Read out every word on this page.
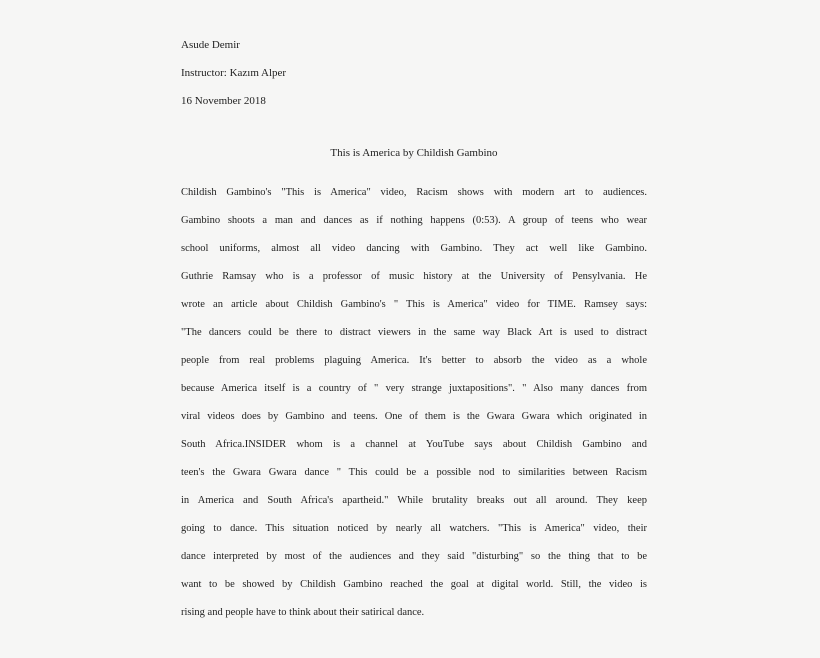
Asude Demir
Instructor: Kazım Alper
16 November 2018
This is America by Childish Gambino
Childish Gambino's "This is America" video, Racism shows with modern art to audiences.
Gambino shoots a man and dances as if nothing happens (0:53). A group of teens who wear
school uniforms, almost all video dancing with Gambino. They act well like Gambino.
Guthrie Ramsay who is a professor of music history at the University of Pensylvania. He
wrote an article about Childish Gambino's " This is America" video for TIME. Ramsey says:
"The dancers could be there to distract viewers in the same way Black Art is used to distract
people from real problems plaguing America. It's better to absorb the video as a whole
because America itself is a country of " very strange juxtapositions". " Also many dances from
viral videos does by Gambino and teens. One of them is the Gwara Gwara which originated in
South Africa.INSIDER whom is a channel at YouTube says about Childish Gambino and
teen's the Gwara Gwara dance " This could be a possible nod to similarities between Racism
in America and South Africa's apartheid." While brutality breaks out all around. They keep
going to dance. This situation noticed by nearly all watchers. "This is America" video, their
dance interpreted by most of the audiences and they said "disturbing" so the thing that to be
want to be showed by Childish Gambino reached the goal at digital world. Still, the video is
rising and people have to think about their satirical dance.
